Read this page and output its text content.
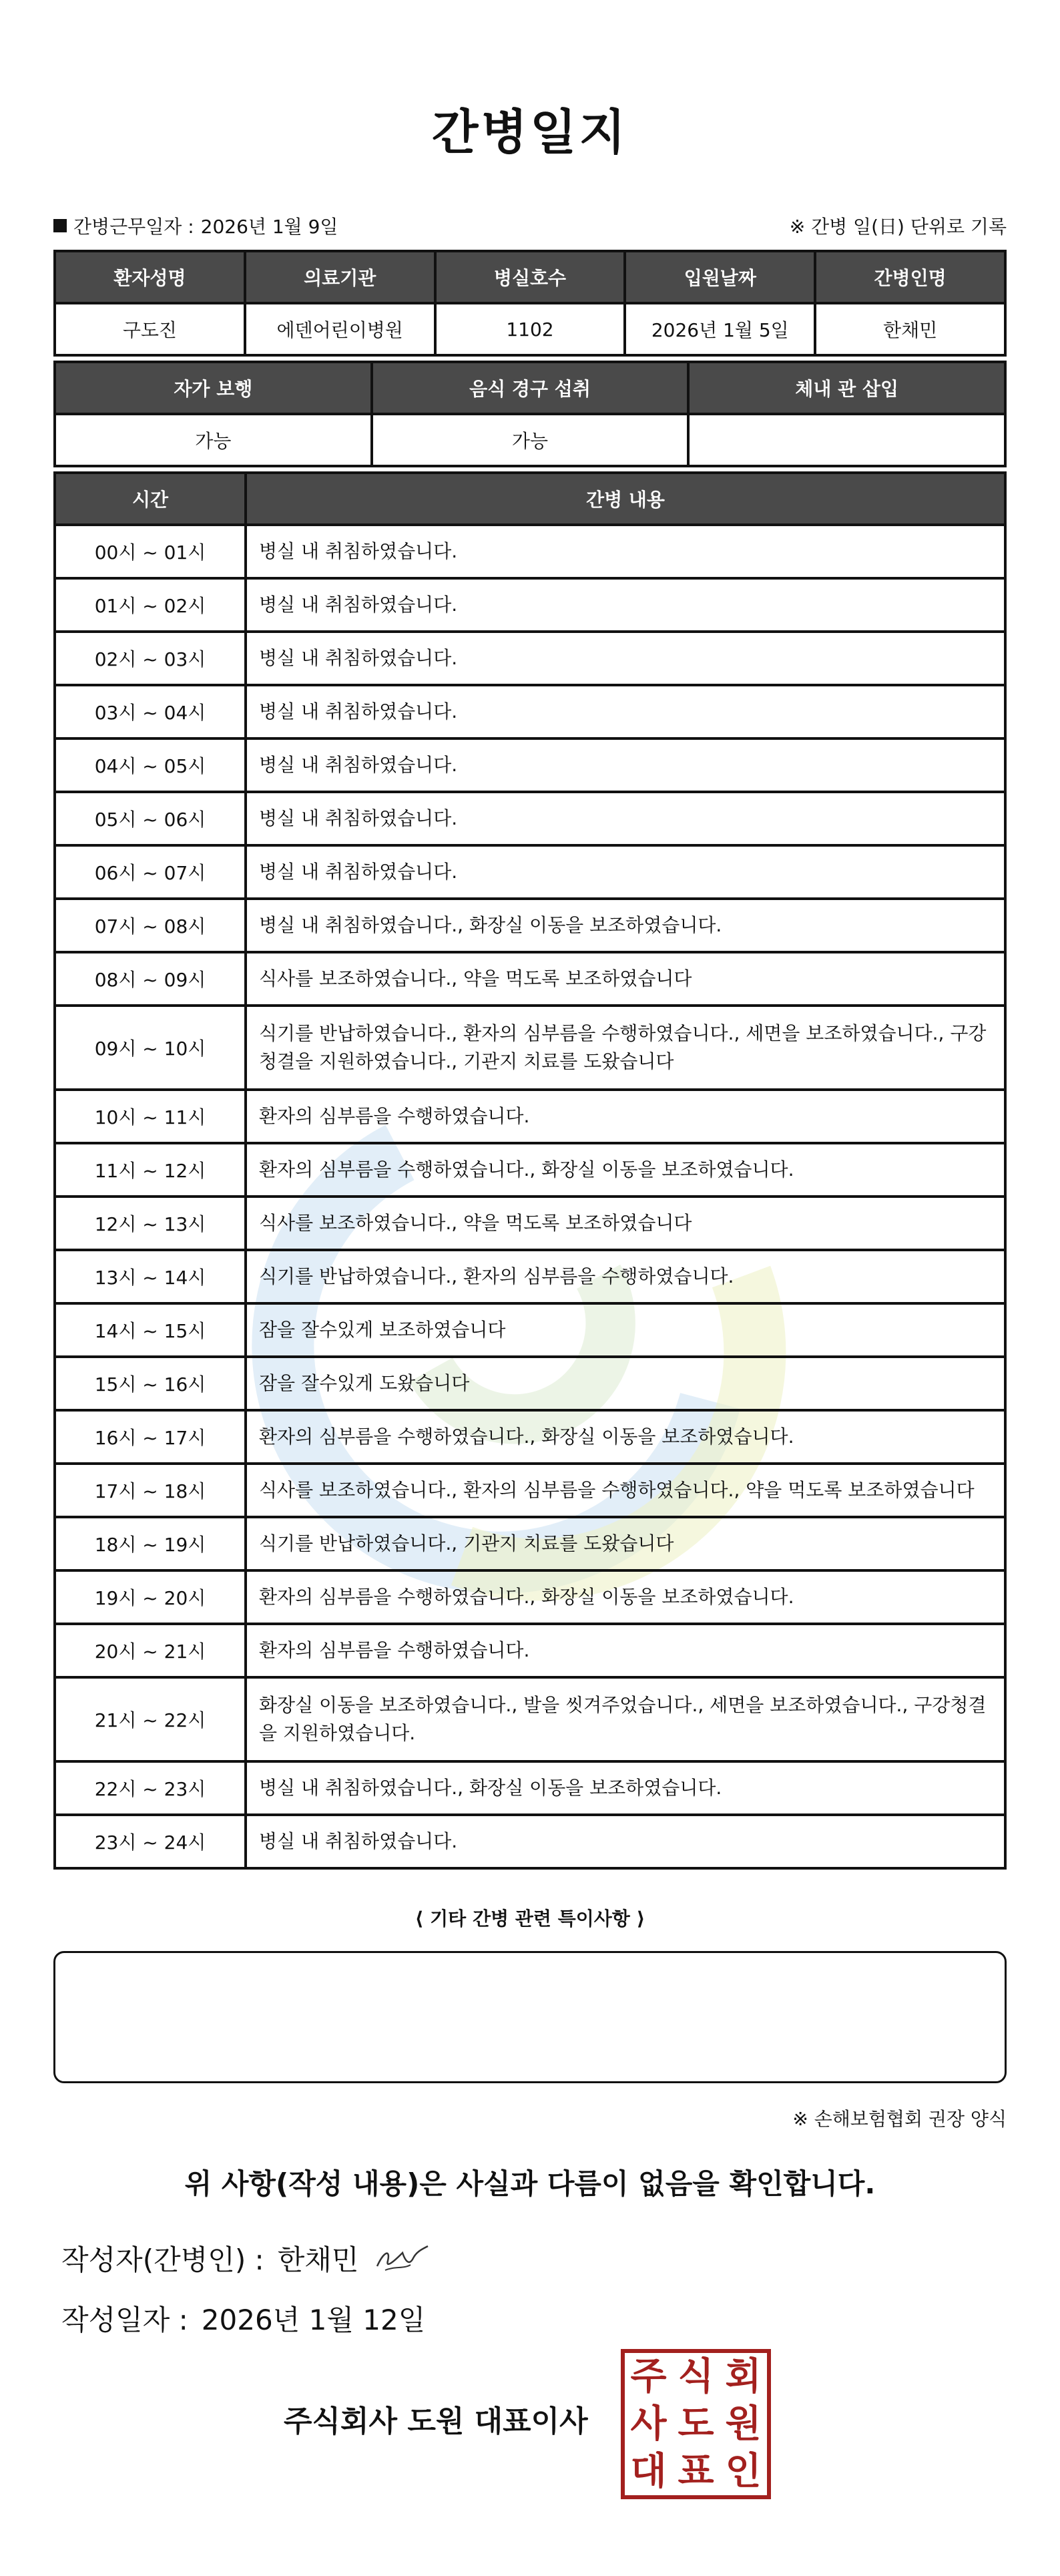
간병일지
간병근무일자 : 2026년 1월 9일	※ 간병 일(日) 단위로 기록
환자성명	의료기관	병실호수	입원날짜	간병인명
구도진	에덴어린이병원	1102	2026년 1월 5일	한채민
자가 보행	음식 경구 섭취	체내 관 삽입
가능	가능	
시간	간병 내용
00시 ~ 01시	병실 내 취침하였습니다.
01시 ~ 02시	병실 내 취침하였습니다.
02시 ~ 03시	병실 내 취침하였습니다.
03시 ~ 04시	병실 내 취침하였습니다.
04시 ~ 05시	병실 내 취침하였습니다.
05시 ~ 06시	병실 내 취침하였습니다.
06시 ~ 07시	병실 내 취침하였습니다.
07시 ~ 08시	병실 내 취침하였습니다., 화장실 이동을 보조하였습니다.
08시 ~ 09시	식사를 보조하였습니다., 약을 먹도록 보조하였습니다
09시 ~ 10시	식기를 반납하였습니다., 환자의 심부름을 수행하였습니다., 세면을 보조하였습니다., 구강청결을 지원하였습니다., 기관지 치료를 도왔습니다
10시 ~ 11시	환자의 심부름을 수행하였습니다.
11시 ~ 12시	환자의 심부름을 수행하였습니다., 화장실 이동을 보조하였습니다.
12시 ~ 13시	식사를 보조하였습니다., 약을 먹도록 보조하였습니다
13시 ~ 14시	식기를 반납하였습니다., 환자의 심부름을 수행하였습니다.
14시 ~ 15시	잠을 잘수있게 보조하였습니다
15시 ~ 16시	잠을 잘수있게 도왔습니다
16시 ~ 17시	환자의 심부름을 수행하였습니다., 화장실 이동을 보조하였습니다.
17시 ~ 18시	식사를 보조하였습니다., 환자의 심부름을 수행하였습니다., 약을 먹도록 보조하였습니다
18시 ~ 19시	식기를 반납하였습니다., 기관지 치료를 도왔습니다
19시 ~ 20시	환자의 심부름을 수행하였습니다., 화장실 이동을 보조하였습니다.
20시 ~ 21시	환자의 심부름을 수행하였습니다.
21시 ~ 22시	화장실 이동을 보조하였습니다., 발을 씻겨주었습니다., 세면을 보조하였습니다., 구강청결을 지원하였습니다.
22시 ~ 23시	병실 내 취침하였습니다., 화장실 이동을 보조하였습니다.
23시 ~ 24시	병실 내 취침하였습니다.
⟨ 기타 간병 관련 특이사항 ⟩
※ 손해보험협회 권장 양식
위 사항(작성 내용)은 사실과 다름이 없음을 확인합니다.
작성자(간병인) : 한채민
작성일자 : 2026년 1월 12일
주식회사 도원 대표이사
주 식 회
사 도 원
대 표 인
